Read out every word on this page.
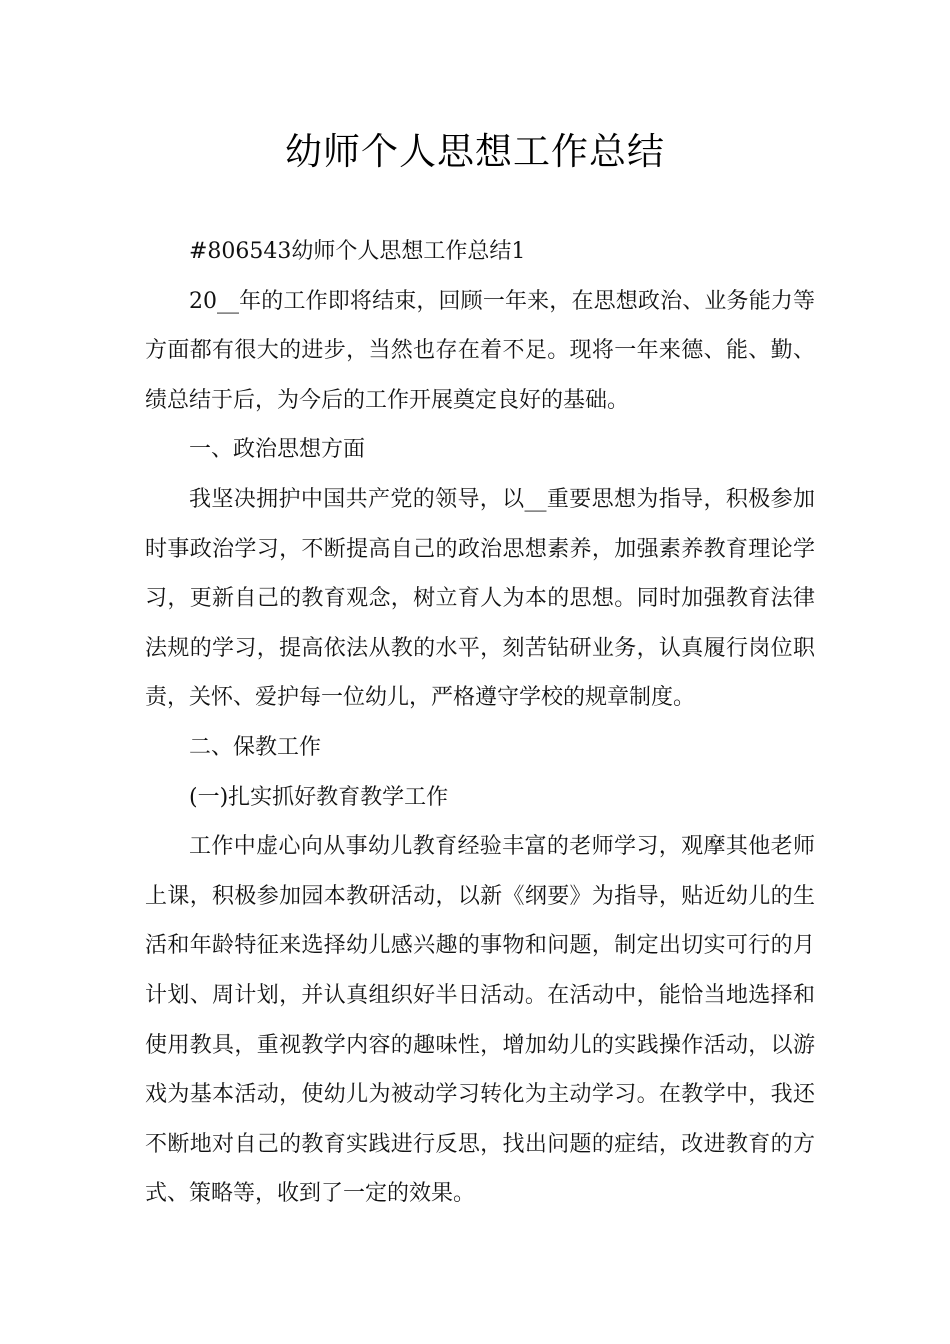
幼师个人思想工作总结

#806543幼师个人思想工作总结1

20__年的工作即将结束，回顾一年来，在思想政治、业务能力等方面都有很大的进步，当然也存在着不足。现将一年来德、能、勤、绩总结于后，为今后的工作开展奠定良好的基础。

一、政治思想方面

我坚决拥护中国共产党的领导，以__重要思想为指导，积极参加时事政治学习，不断提高自己的政治思想素养，加强素养教育理论学习，更新自己的教育观念，树立育人为本的思想。同时加强教育法律法规的学习，提高依法从教的水平，刻苦钻研业务，认真履行岗位职责，关怀、爱护每一位幼儿，严格遵守学校的规章制度。

二、保教工作

(一)扎实抓好教育教学工作

工作中虚心向从事幼儿教育经验丰富的老师学习，观摩其他老师上课，积极参加园本教研活动，以新《纲要》为指导，贴近幼儿的生活和年龄特征来选择幼儿感兴趣的事物和问题，制定出切实可行的月计划、周计划，并认真组织好半日活动。在活动中，能恰当地选择和使用教具，重视教学内容的趣味性，增加幼儿的实践操作活动，以游戏为基本活动，使幼儿为被动学习转化为主动学习。在教学中，我还不断地对自己的教育实践进行反思，找出问题的症结，改进教育的方式、策略等，收到了一定的效果。
